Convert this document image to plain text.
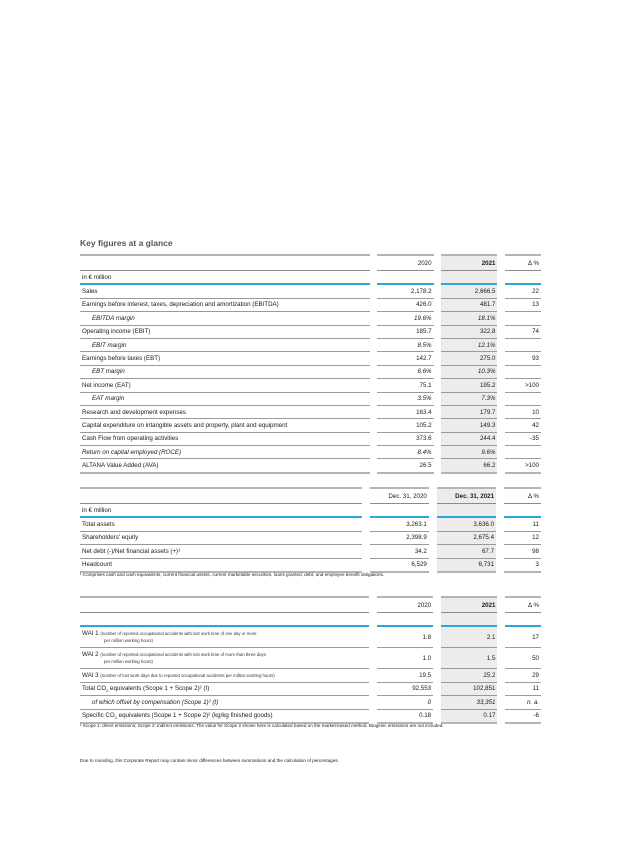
Key figures at a glance
		2020		2021		Δ %
in € million						
Sales		2,178.2		2,666.5		22
Earnings before interest, taxes, depreciation and amortization (EBITDA)		426.0		481.7		13
EBITDA margin		19.6%		18.1%		
Operating income (EBIT)		185.7		322.8		74
EBIT margin		8.5%		12.1%		
Earnings before taxes (EBT)		142.7		275.0		93
EBT margin		6.6%		10.3%		
Net income (EAT)		75.1		195.2		>100
EAT margin		3.5%		7.3%		
Research and development expenses		163.4		179.7		10
Capital expenditure on intangible assets and property, plant and equipment		105.2		149.3		42
Cash Flow from operating activities		373.6		244.4		-35
Return on capital employed (ROCE)		8.4%		9.6%		
ALTANA Value Added (AVA)		26.5		66.2		>100
		Dec. 31, 2020		Dec. 31, 2021		Δ %
in € million						
Total assets		3,263.1		3,636.0		11
Shareholders' equity		2,398.9		2,675.4		12
Net debt (-)/Net financial assets (+)¹		34.2		67.7		98
Headcount		6,529		6,731		3
¹ Comprises cash and cash equivalents, current financial assets, current marketable securities, loans granted, debt, and employee benefit obligations.
		2020		2021		Δ %

WAI 1 (number of reported occupational accidents with lost work time of one day or more
per million working hours)		1.8		2.1		17
WAI 2 (number of reported occupational accidents with lost work time of more than three days
per million working hours)		1.0		1.5		50
WAI 3 (number of lost work days due to reported occupational accidents per million working hours)		19.5		25.2		29
Total $CO_2$ equivalents (Scope 1 + Scope 2)² (t)		92,553		102,851		11
of which offset by compensation (Scope 1)² (t)		0		33,351		n. a.
Specific $CO_2$ equivalents (Scope 1 + Scope 2)² (kg/kg finished goods)		0.18		0.17		-6
² Scope 1: direct emissions; Scope 2: indirect emissions. The value for Scope 2 shown here is calculated based on the market-based method. Biogenic emissions are not included.
Due to rounding, this Corporate Report may contain minor differences between summations and the calculation of percentages.
